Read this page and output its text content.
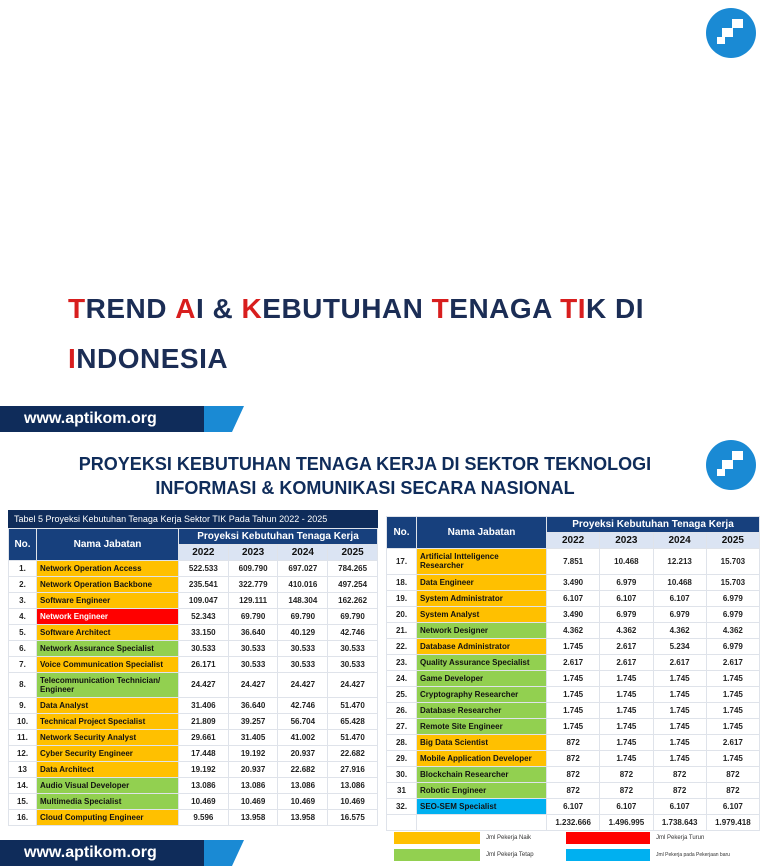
TREND AI & KEBUTUHAN TENAGA TIK DI
INDONESIA
www.aptikom.org
PROYEKSI KEBUTUHAN TENAGA KERJA DI SEKTOR TEKNOLOGI
INFORMASI & KOMUNIKASI SECARA NASIONAL
Tabel 5 Proyeksi Kebutuhan Tenaga Kerja Sektor TIK Pada Tahun 2022 - 2025
No.	Nama Jabatan	Proyeksi Kebutuhan Tenaga Kerja			
		2022	2023	2024	2025
1.	Network Operation Access	522.533	609.790	697.027	784.265
2.	Network Operation Backbone	235.541	322.779	410.016	497.254
3.	Software Engineer	109.047	129.111	148.304	162.262
4.	Network Engineer	52.343	69.790	69.790	69.790
5.	Software Architect	33.150	36.640	40.129	42.746
6.	Network Assurance Specialist	30.533	30.533	30.533	30.533
7.	Voice Communication Specialist	26.171	30.533	30.533	30.533
8.	Telecommunication Technician/ Engineer	24.427	24.427	24.427	24.427
9.	Data Analyst	31.406	36.640	42.746	51.470
10.	Technical Project Specialist	21.809	39.257	56.704	65.428
11.	Network Security Analyst	29.661	31.405	41.002	51.470
12.	Cyber Security Engineer	17.448	19.192	20.937	22.682
13	Data Architect	19.192	20.937	22.682	27.916
14.	Audio Visual Developer	13.086	13.086	13.086	13.086
15.	Multimedia Specialist	10.469	10.469	10.469	10.469
16.	Cloud Computing Engineer	9.596	13.958	13.958	16.575
No.	Nama Jabatan	Proyeksi Kebutuhan Tenaga Kerja			
		2022	2023	2024	2025
17.	Artificial Intteligence Researcher	7.851	10.468	12.213	15.703
18.	Data Engineer	3.490	6.979	10.468	15.703
19.	System Administrator	6.107	6.107	6.107	6.979
20.	System Analyst	3.490	6.979	6.979	6.979
21.	Network Designer	4.362	4.362	4.362	4.362
22.	Database Administrator	1.745	2.617	5.234	6.979
23.	Quality Assurance Specialist	2.617	2.617	2.617	2.617
24.	Game Developer	1.745	1.745	1.745	1.745
25.	Cryptography Researcher	1.745	1.745	1.745	1.745
26.	Database Researcher	1.745	1.745	1.745	1.745
27.	Remote Site Engineer	1.745	1.745	1.745	1.745
28.	Big Data Scientist	872	1.745	1.745	2.617
29.	Mobile Application Developer	872	1.745	1.745	1.745
30.	Blockchain Researcher	872	872	872	872
31	Robotic Engineer	872	872	872	872
32.	SEO-SEM Specialist	6.107	6.107	6.107	6.107
		1.232.666	1.496.995	1.738.643	1.979.418
Jml Pekerja Naik	Jml Pekerja Turun
Jml Pekerja Tetap	Jml Pekerja pada Pekerjaan baru
www.aptikom.org
